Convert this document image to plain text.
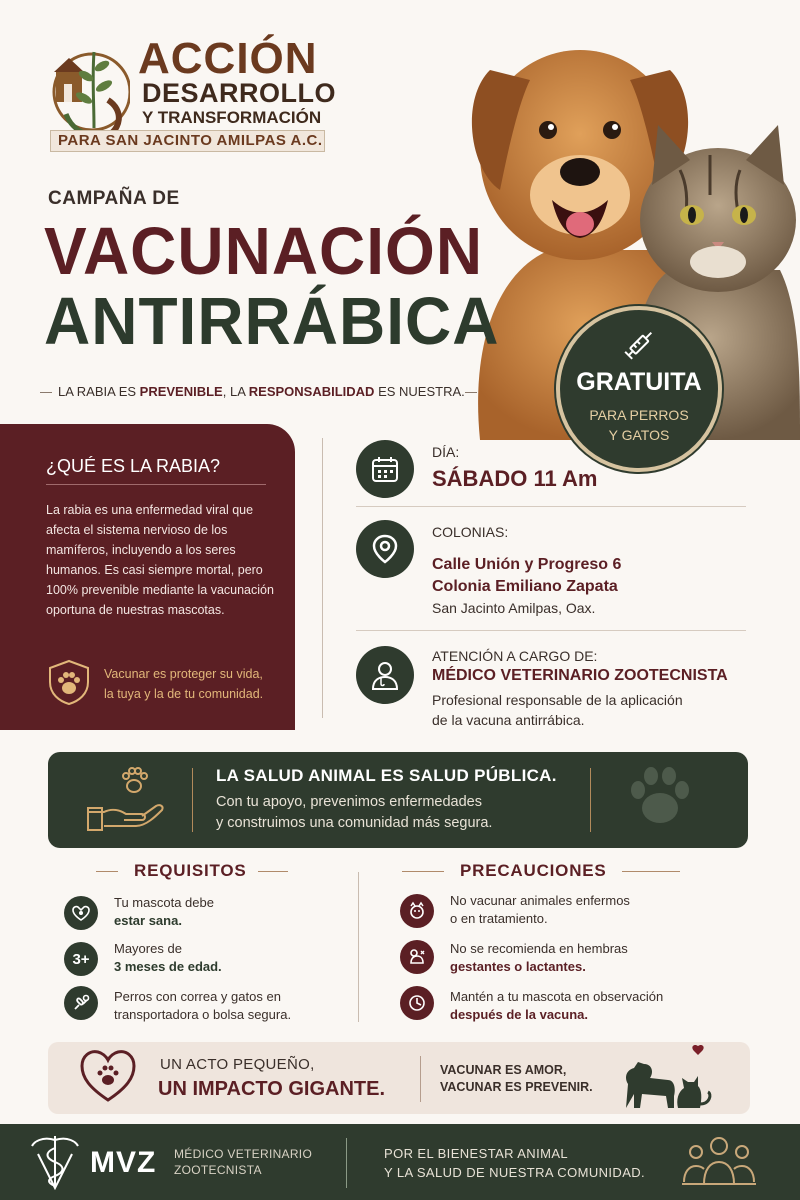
ACCIÓN
DESARROLLO
Y TRANSFORMACIÓN
PARA SAN JACINTO AMILPAS A.C.
CAMPAÑA DE
VACUNACIÓN
ANTIRRÁBICA
LA RABIA ES PREVENIBLE, LA RESPONSABILIDAD ES NUESTRA.	GRATUITA
PARA PERROS
Y GATOS
¿QUÉ ES LA RABIA?
La rabia es una enfermedad viral que afecta el sistema nervioso de los mamíferos, incluyendo a los seres humanos. Es casi siempre mortal, pero 100% prevenible mediante la vacunación oportuna de nuestras mascotas.
Vacunar es proteger su vida,
la tuya y la de tu comunidad.
DÍA:
SÁBADO 11 Am
COLONIAS:
Calle Unión y Progreso 6
Colonia Emiliano Zapata
San Jacinto Amilpas, Oax.
ATENCIÓN A CARGO DE:
MÉDICO VETERINARIO ZOOTECNISTA
Profesional responsable de la aplicación
de la vacuna antirrábica.
LA SALUD ANIMAL ES SALUD PÚBLICA.
Con tu apoyo, prevenimos enfermedades
y construimos una comunidad más segura.
REQUISITOS
Tu mascota debe
estar sana.
3+
Mayores de
3 meses de edad.
Perros con correa y gatos en
transportadora o bolsa segura.
PRECAUCIONES
No vacunar animales enfermos
o en tratamiento.
No se recomienda en hembras
gestantes o lactantes.
Mantén a tu mascota en observación
después de la vacuna.
UN ACTO PEQUEÑO,
UN IMPACTO GIGANTE.
VACUNAR ES AMOR,
VACUNAR ES PREVENIR.
MVZ MÉDICO VETERINARIO
ZOOTECNISTA
POR EL BIENESTAR ANIMAL
Y LA SALUD DE NUESTRA COMUNIDAD.
